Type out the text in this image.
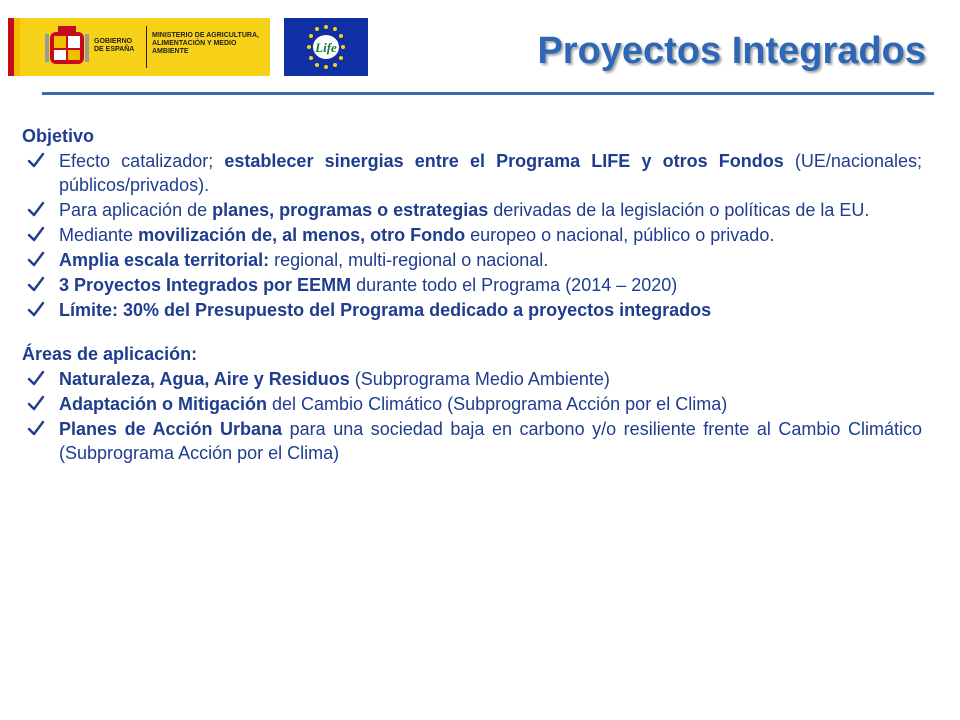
GOBIERNO
DE ESPAÑA
MINISTERIO DE AGRICULTURA, ALIMENTACIÓN Y MEDIO AMBIENTE	Life	Proyectos Integrados
Objetivo
Efecto catalizador; establecer sinergias entre el Programa LIFE y otros Fondos (UE/nacionales; públicos/privados).
Para aplicación de planes, programas o estrategias derivadas de la legislación o políticas de la EU.
Mediante movilización de, al menos, otro Fondo europeo o nacional, público o privado.
Amplia escala territorial: regional, multi-regional o nacional.
3 Proyectos Integrados por EEMM durante todo el Programa (2014 – 2020)
Límite: 30% del Presupuesto del Programa dedicado a proyectos integrados
Áreas de aplicación:
Naturaleza, Agua, Aire y Residuos (Subprograma Medio Ambiente)
Adaptación o Mitigación del Cambio Climático (Subprograma Acción por el Clima)
Planes de Acción Urbana para una sociedad baja en carbono y/o resiliente frente al Cambio Climático (Subprograma Acción por el Clima)
